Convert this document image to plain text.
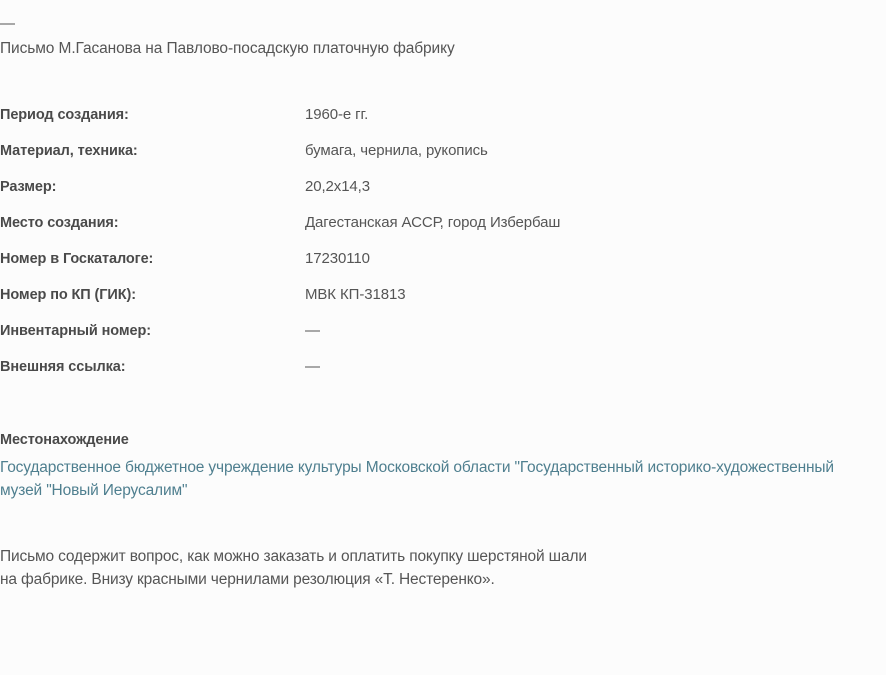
—
Письмо М.Гасанова на Павлово-посадскую платочную фабрику
Период создания:	1960-е гг.
Материал, техника:	бумага, чернила, рукопись
Размер:	20,2x14,3
Место создания:	Дагестанская АССР, город Избербаш
Номер в Госкаталоге:	17230110
Номер по КП (ГИК):	МВК КП-31813
Инвентарный номер:	—
Внешняя ссылка:	—
Местонахождение
Государственное бюджетное учреждение культуры Московской области "Государственный историко-художественный музей "Новый Иерусалим"
Письмо содержит вопрос, как можно заказать и оплатить покупку шерстяной шали на фабрике. Внизу красными чернилами резолюция «Т. Нестеренко».
